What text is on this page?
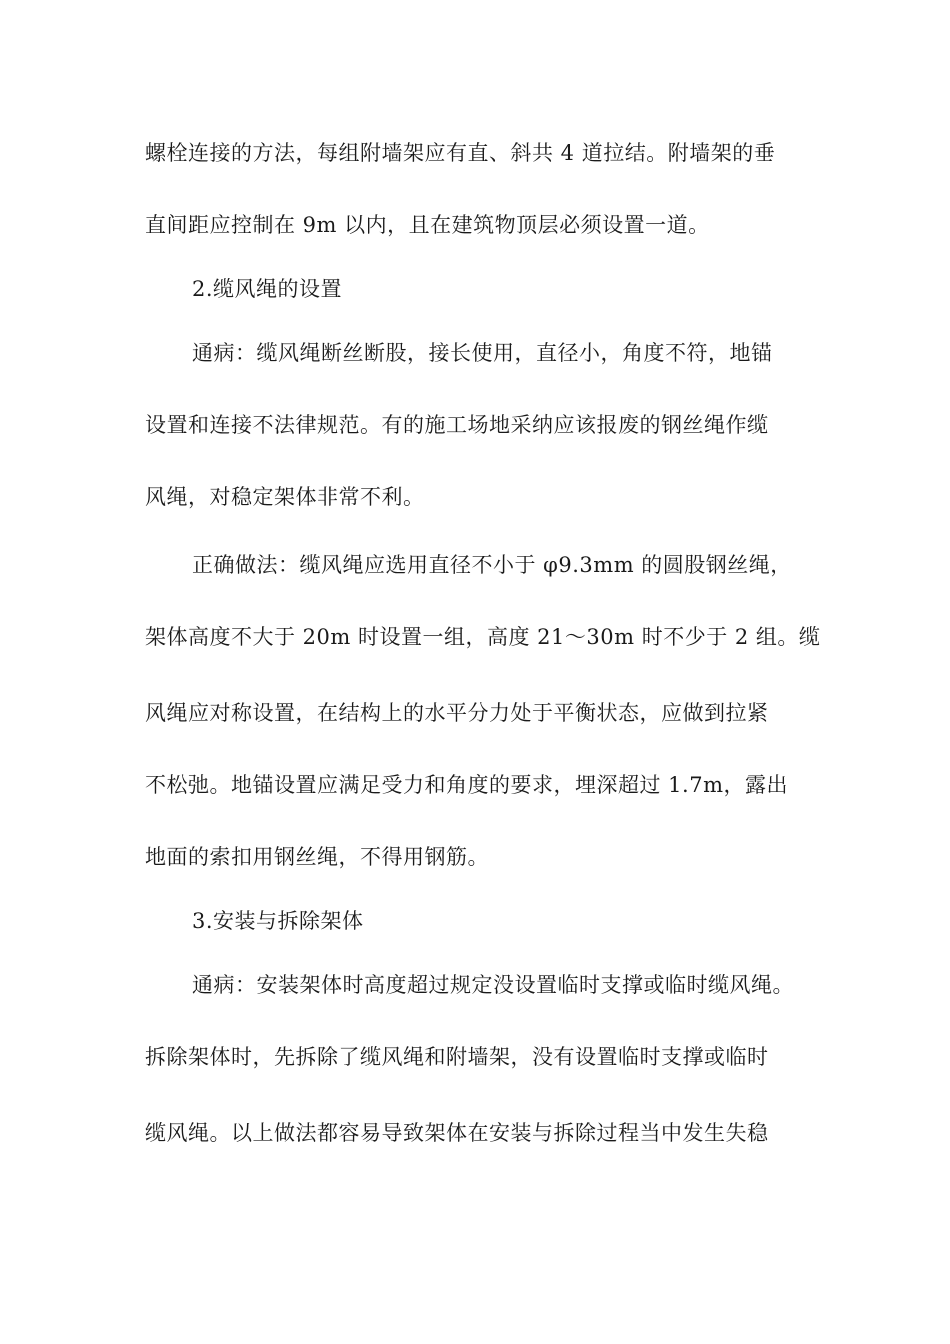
螺栓连接的方法，每组附墙架应有直、斜共 4 道拉结。附墙架的垂
直间距应控制在 9m 以内，且在建筑物顶层必须设置一道。
2.缆风绳的设置
通病：缆风绳断丝断股，接长使用，直径小，角度不符，地锚
设置和连接不法律规范。有的施工场地采纳应该报废的钢丝绳作缆
风绳，对稳定架体非常不利。
正确做法：缆风绳应选用直径不小于 φ9.3mm 的圆股钢丝绳，
架体高度不大于 20m 时设置一组，高度 21～30m 时不少于 2 组。缆
风绳应对称设置，在结构上的水平分力处于平衡状态，应做到拉紧
不松弛。地锚设置应满足受力和角度的要求，埋深超过 1.7m，露出
地面的索扣用钢丝绳，不得用钢筋。
3.安装与拆除架体
通病：安装架体时高度超过规定没设置临时支撑或临时缆风绳。
拆除架体时，先拆除了缆风绳和附墙架，没有设置临时支撑或临时
缆风绳。以上做法都容易导致架体在安装与拆除过程当中发生失稳
